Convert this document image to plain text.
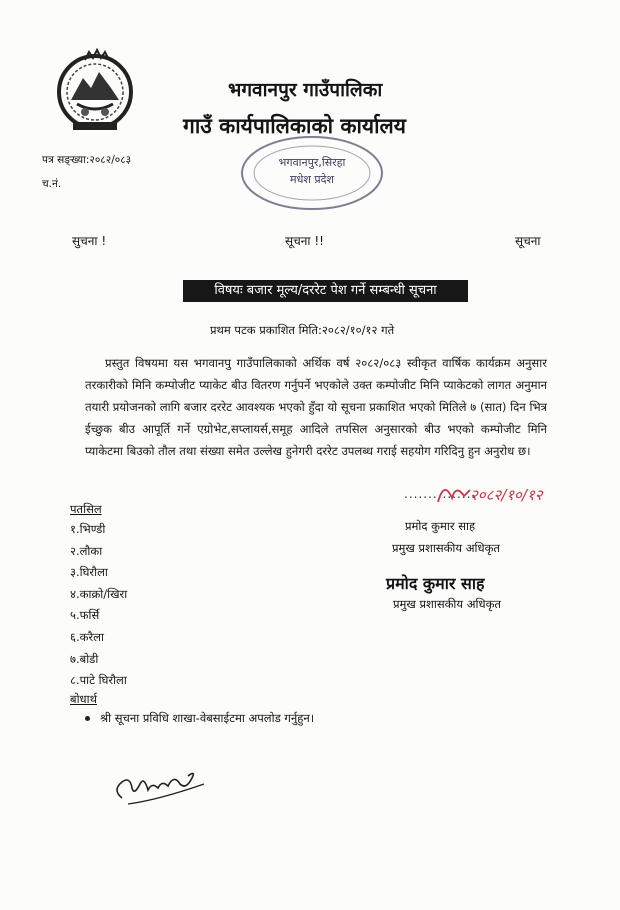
भगवानपुर गाउँपालिका
गाउँ कार्यपालिकाको कार्यालय
भगवानपुर,सिरहा
मधेश प्रदेश
पत्र सङ्ख्या:२०८२/०८३
च.नं.
सुचना !	सूचना !!	सूचना
विषयः बजार मूल्य/दररेट पेश गर्ने सम्बन्धी सूचना
प्रथम पटक प्रकाशित मिति:२०८२/१०/१२ गते

प्रस्तुत विषयमा यस भगवानपु गाउँपालिकाको अर्थिक वर्ष २०८२/०८३ स्वीकृत वार्षिक कार्यक्रम अनुसार तरकारीको मिनि कम्पोजीट प्याकेट बीउ वितरण गर्नुपर्ने भएकोले उक्त कम्पोजीट मिनि प्याकेटको लागत अनुमान तयारी प्रयोजनको लागि बजार दररेट आवश्यक भएको हुँदा यो सूचना प्रकाशित भएको मितिले ७ (सात) दिन भित्र ईच्छुक बीउ आपूर्ति गर्ने एग्रोभेट,सप्लायर्स,समूह आदिले तपसिल अनुसारको बीउ भएको कम्पोजीट मिनि प्याकेटमा बिउको तौल तथा संख्या समेत उल्लेख हुनेगरी दररेट उपलब्ध गराई सहयोग गरिदिनु हुन अनुरोध छ।

पतसिल
१.भिण्डी
२.लौका
३.घिरौला
४.काक्रो/खिरा
५.फर्सि
६.करैला
७.बोडी
८.पाटे घिरौला
बोधार्थ
श्री सूचना प्रविधि शाखा-वेबसाईटमा अपलोड गर्नुहुन।
...............
२०८२/१०/१२
प्रमोद कुमार साह
प्रमुख प्रशासकीय अधिकृत
प्रमोद कुमार साह
प्रमुख प्रशासकीय अधिकृत
